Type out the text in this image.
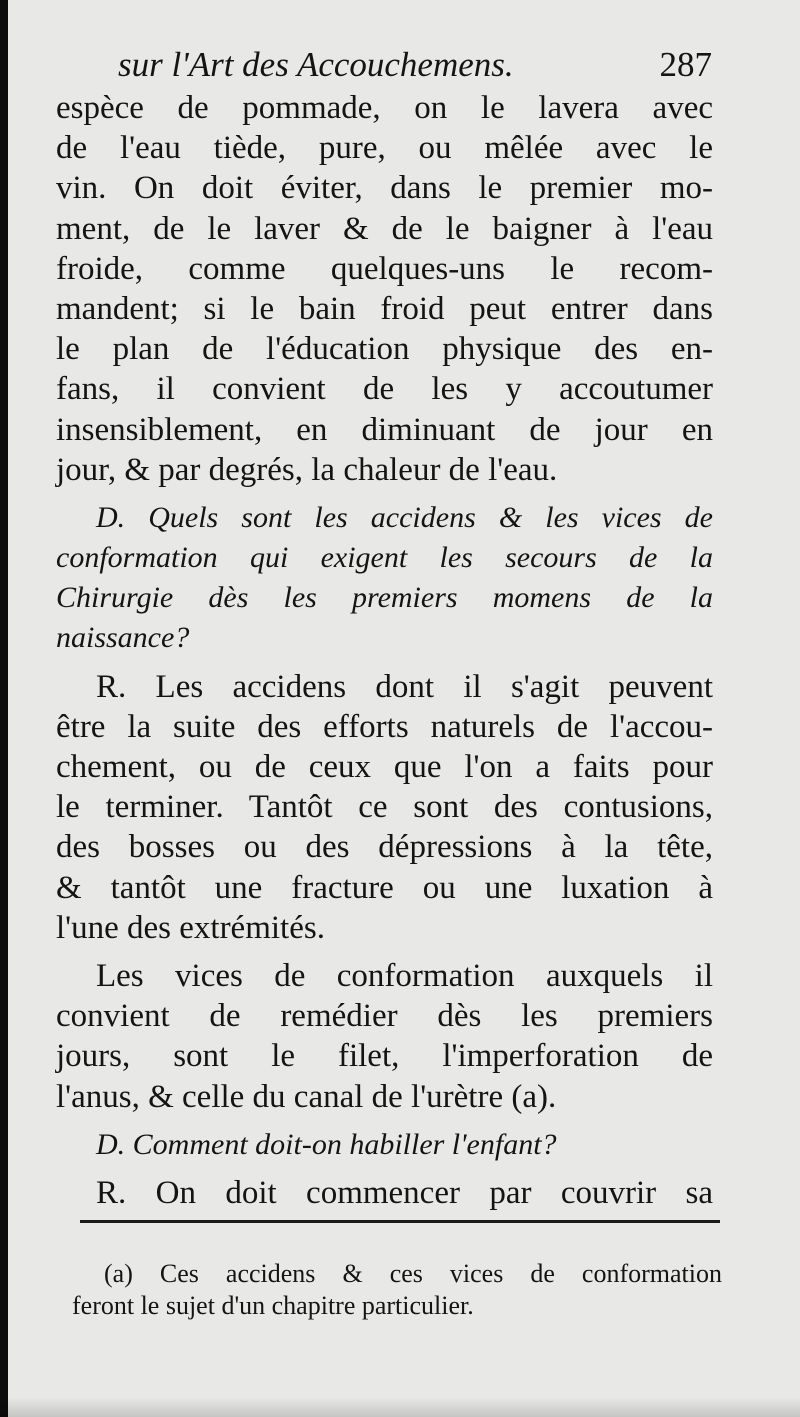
sur l'Art des Accouchemens.	287
espèce de pommade, on le lavera avec
de l'eau tiède, pure, ou mêlée avec le
vin. On doit éviter, dans le premier mo-
ment, de le laver & de le baigner à l'eau
froide, comme quelques-uns le recom-
mandent; si le bain froid peut entrer dans
le plan de l'éducation physique des en-
fans, il convient de les y accoutumer
insensiblement, en diminuant de jour en
jour, & par degrés, la chaleur de l'eau.
D. Quels sont les accidens & les vices de
conformation qui exigent les secours de la
Chirurgie dès les premiers momens de la
naissance?
R. Les accidens dont il s'agit peuvent
être la suite des efforts naturels de l'accou-
chement, ou de ceux que l'on a faits pour
le terminer. Tantôt ce sont des contusions,
des bosses ou des dépressions à la tête,
& tantôt une fracture ou une luxation à
l'une des extrémités.
Les vices de conformation auxquels il
convient de remédier dès les premiers
jours, sont le filet, l'imperforation de
l'anus, & celle du canal de l'urètre (a).
D. Comment doit-on habiller l'enfant?
R. On doit commencer par couvrir sa
(a) Ces accidens & ces vices de conformation
feront le sujet d'un chapitre particulier.
